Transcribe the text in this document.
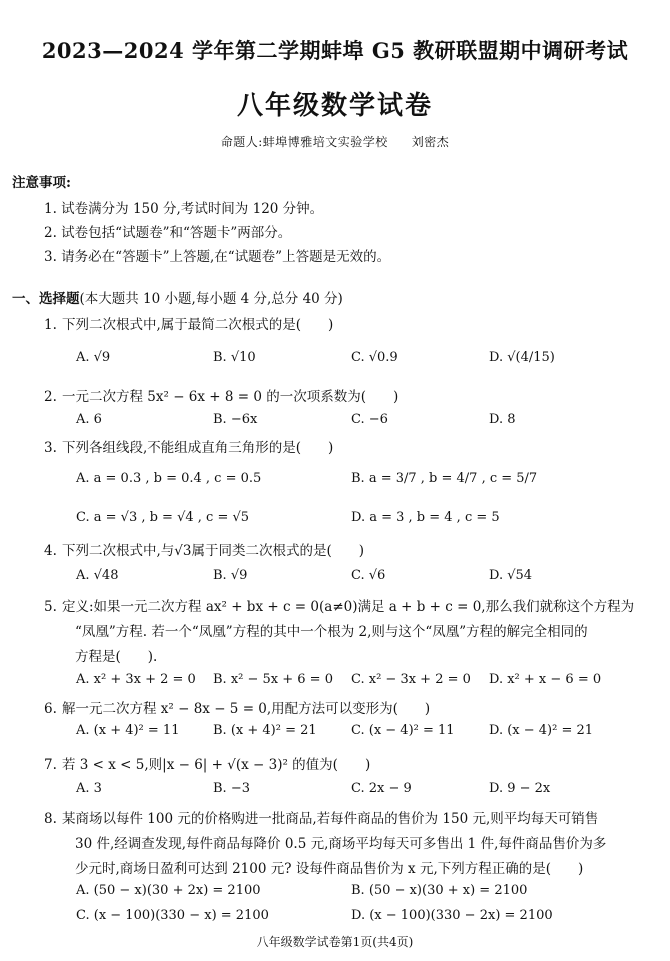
2023—2024 学年第二学期蚌埠 G5 教研联盟期中调研考试
八年级数学试卷
命题人:蚌埠博雅培文实验学校 刘密杰
注意事项:
1. 试卷满分为 150 分,考试时间为 120 分钟。
2. 试卷包括“试题卷”和“答题卡”两部分。
3. 请务必在“答题卡”上答题,在“试题卷”上答题是无效的。
一、选择题(本大题共 10 小题,每小题 4 分,总分 40 分)
1. 下列二次根式中,属于最简二次根式的是(  )
A. √9	B. √10	C. √0.9	D. √(4/15)
2. 一元二次方程 5x² − 6x + 8 = 0 的一次项系数为(  )
A. 6	B. −6x	C. −6	D. 8
3. 下列各组线段,不能组成直角三角形的是(  )
A. a = 0.3 , b = 0.4 , c = 0.5	B. a = 3/7 , b = 4/7 , c = 5/7
C. a = √3 , b = √4 , c = √5	D. a = 3 , b = 4 , c = 5
4. 下列二次根式中,与√3属于同类二次根式的是(  )
A. √48	B. √9	C. √6	D. √54
5. 定义:如果一元二次方程 ax² + bx + c = 0(a≠0)满足 a + b + c = 0,那么我们就称这个方程为
“凤凰”方程. 若一个“凤凰”方程的其中一个根为 2,则与这个“凤凰”方程的解完全相同的
方程是(  ).
A. x² + 3x + 2 = 0 B. x² − 5x + 6 = 0 C. x² − 3x + 2 = 0 D. x² + x − 6 = 0
6. 解一元二次方程 x² − 8x − 5 = 0,用配方法可以变形为(  )
A. (x + 4)² = 11	B. (x + 4)² = 21	C. (x − 4)² = 11	D. (x − 4)² = 21
7. 若 3 < x < 5,则|x − 6| + √(x − 3)² 的值为(  )
A. 3	B. −3	C. 2x − 9	D. 9 − 2x
8. 某商场以每件 100 元的价格购进一批商品,若每件商品的售价为 150 元,则平均每天可销售
30 件,经调查发现,每件商品每降价 0.5 元,商场平均每天可多售出 1 件,每件商品售价为多
少元时,商场日盈利可达到 2100 元? 设每件商品售价为 x 元,下列方程正确的是(  )
A. (50 − x)(30 + 2x) = 2100	B. (50 − x)(30 + x) = 2100
C. (x − 100)(330 − x) = 2100	D. (x − 100)(330 − 2x) = 2100
八年级数学试卷第1页(共4页)
